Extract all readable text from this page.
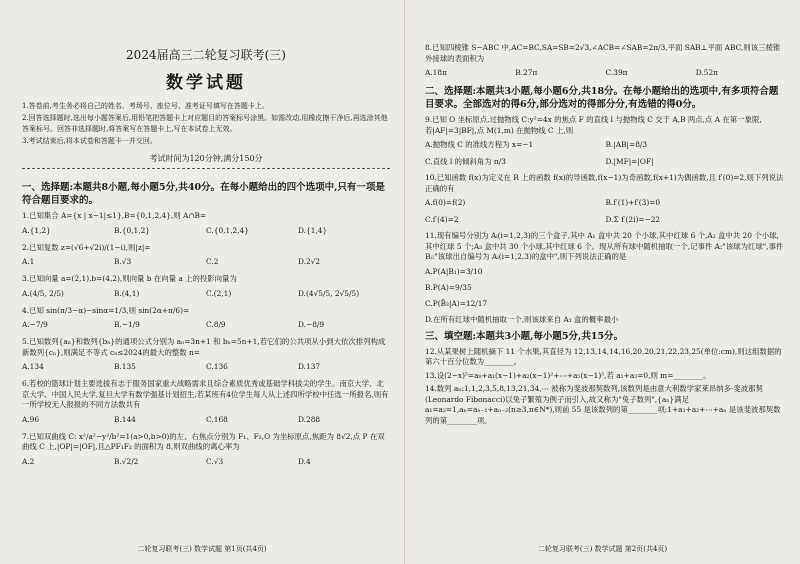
2024届高三二轮复习联考(三)
数学试题
1.答卷前,考生务必将自己的姓名、考场号、座位号、准考证号填写在答题卡上。
2.回答选择题时,选出每小题答案后,用铅笔把答题卡上对应题目的答案标号涂黑。如需改动,用橡皮擦干净后,再选涂其他答案标号。回答非选择题时,将答案写在答题卡上,写在本试卷上无效。
3.考试结束后,将本试卷和答题卡一并交回。
考试时间为120分钟,满分150分
一、选择题:本题共8小题,每小题5分,共40分。在每小题给出的四个选项中,只有一项是符合题目要求的。
1.已知集合 A={x | x−1|≤1},B={0,1,2,4},则 A∩B=
A.{1,2}	B.{0,1,2}	C.{0,1,2,4}	D.{1,4}
2.已知复数 z=(√6+√2i)/(1−i),则|z|=
A.1	B.√3	C.2	D.2√2
3.已知向量 a=(2,1),b=(4,2),则向量 b 在向量 a 上的投影向量为
A.(4/5, 2/5)	B.(4,1)	C.(2,1)	D.(4√5/5, 2√5/5)
4.已知 sin(π/3−α)−sinα=1/3,则 sin(2α+π/6)=
A.−7/9	B.−1/9	C.8/9	D.−8/9
5.已知数列{aₙ}和数列{bₙ}的通项公式分别为 aₙ=3n+1 和 bₙ=5n+1,若它们的公共项从小到大依次排列构成新数列{cₙ},则满足不等式 cₙ≤2024的最大的整数 n=
A.134	B.135	C.136	D.137
6.若校的篮球计划主要选拔有志于服务国家重大战略需求且综合素质优秀或基础学科拔尖的学生。南京大学、北京大学、中国人民大学,复旦大学有数学强基计划招生,若某班有4位学生每人从上述四所学校中任选一所报名,则有一所学校无人报报的不同方法数共有
A.96	B.144	C.168	D.288
7.已知双曲线 C: x²/a²−y²/b²=1(a>0,b>0)的左、右焦点分别为 F₁、F₂,O 为坐标原点,焦距为 8√2,点 P 在双曲线 C 上,|OP|=|OF|,且△PF₁F₂ 的面积为 8,则双曲线的离心率为
A.2	B.√2/2	C.√3	D.4
二轮复习联考(三) 数学试题 第1页(共4页)
8.已知四棱锥 S−ABC 中,AC=BC,SA=SB=2√3,∠ACB=∠SAB=2π/3,平面 SAB⊥平面 ABC,则该三棱锥外接球的表面积为
A.18π	B.27π	C.39π	D.52π
二、选择题:本题共3小题,每小题6分,共18分。在每小题给出的选项中,有多项符合题目要求。全部选对的得6分,部分选对的得部分分,有选错的得0分。
9.已知 O 坐标原点,过抛物线 C:y²=4x 的焦点 F 的直线 l 与抛物线 C 交于 A,B 两点,点 A 在第一象限,若|AF|=3|BF|,点 M(1,m) 在抛物线 C 上,则
A.抛物线 C 的准线方程为 x=−1	B.|AB|=8/3
C.直线 l 的倾斜角为 π/3	D.|MF|=|OF|
10.已知函数 f(x)为定义在 R 上的函数 f(x)的导函数,f(x−1)为奇函数,f(x+1)为偶函数,且 f′(0)=2,则下列说法正确的有
A.f(0)=f(2)	B.f′(1)+f′(3)=0
C.f′(4)=2	D.Σ f′(2i)=−22
11.现有编号分别为 Aᵢ(i=1,2,3)的三个盒子,其中 A₁ 盒中共 20 个小球,其中红球 6 个,A₂ 盒中共 20 个小球,其中红球 5 个;A₃ 盒中共 30 个小球,其中红球 6 个。现从所有球中随机抽取一个,记事件 A:"该球为红球",事件 Bᵢ:"该球出自编号为 Aᵢ(i=1,2,3)的盒中",则下列说法正确的是
A.P(A|B₁)=3/10
B.P(A)=9/35
C.P(B̄₃|A)=12/17
D.在所有红球中随机抽取一个,则该球来自 A₁ 盒的概率最小
三、填空题:本题共3小题,每小题5分,共15分。
12.从某果树上随机摘下 11 个水果,其直径为 12,13,14,14,16,20,20,21,22,23,25(单位:cm),则这组数据的第六十百分位数为________。
13.设(2−x)⁵=a₀+a₁(x−1)+a₂(x−1)²+⋯+a₅(x−1)⁵,若 a₁+a₃=0,则 m=________。
14.数列 aₙ:1,1,2,3,5,8,13,21,34,⋯ 被称为斐波那契数列,该数列是由意大利数学家莱昂纳多·斐波那契(Leonardo Fibonacci)以兔子繁殖为例子而引入,故又称为"兔子数列",{aₙ}满足 a₁=a₂=1,aₙ=aₙ₋₁+aₙ₋₂(n≥3,n∈N*),则前 55 是该数列的第________项;1+a₁+a₂+⋯+aₙ 是该斐波那契数列的第________项。
二轮复习联考(三) 数学试题 第2页(共4页)
